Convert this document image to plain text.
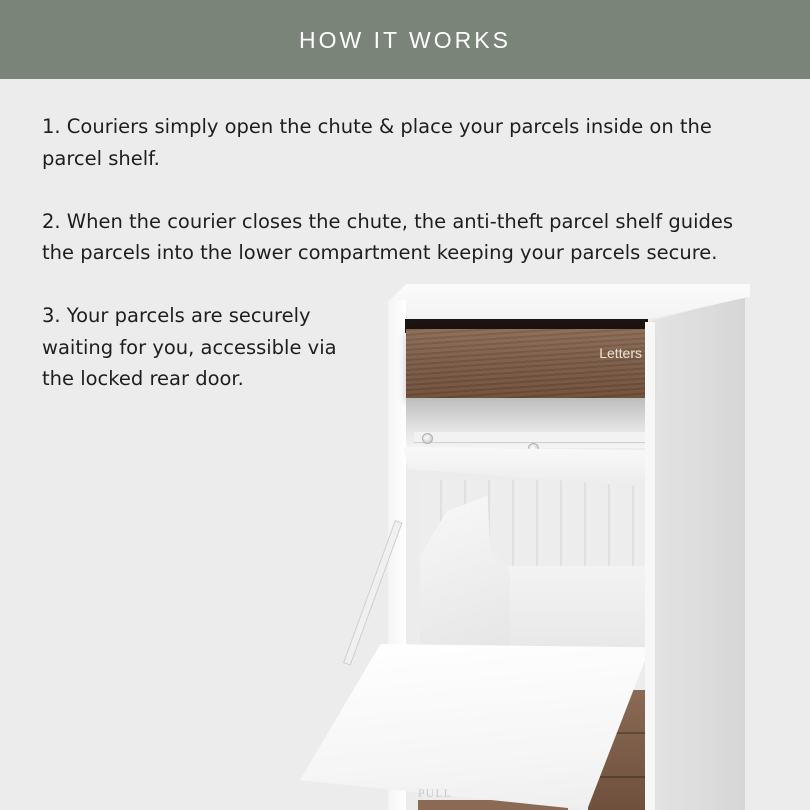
HOW IT WORKS
Letters
PULL

1. Couriers simply open the chute & place your parcels inside on the parcel shelf.

2. When the courier closes the chute, the anti-theft parcel shelf guides the parcels into the lower compartment keeping your parcels secure.

3. Your parcels are securely waiting for you, accessible via the locked rear door.
